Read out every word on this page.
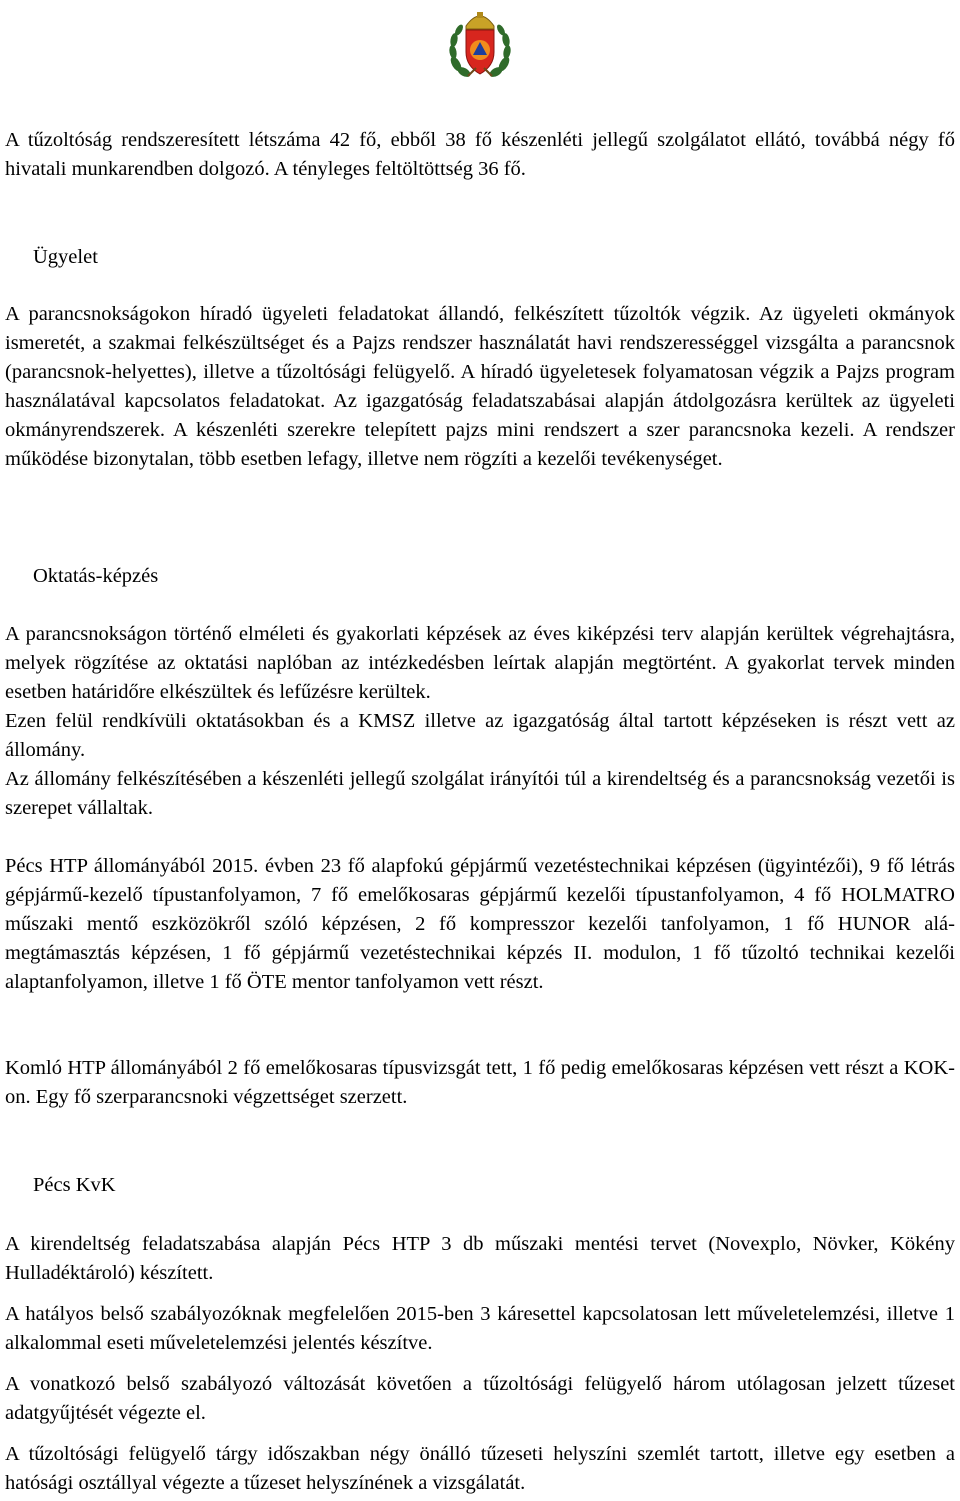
A tűzoltóság rendszeresített létszáma 42 fő, ebből 38 fő készenléti jellegű szolgálatot ellátó, továbbá négy fő hivatali munkarendben dolgozó. A tényleges feltöltöttség 36 fő.

Ügyelet

A parancsnokságokon híradó ügyeleti feladatokat állandó, felkészített tűzoltók végzik. Az ügyeleti okmányok ismeretét, a szakmai felkészültséget és a Pajzs rendszer használatát havi rendszerességgel vizsgálta a parancsnok (parancsnok-helyettes), illetve a tűzoltósági felügyelő. A híradó ügyeletesek folyamatosan végzik a Pajzs program használatával kapcsolatos feladatokat. Az igazgatóság feladatszabásai alapján átdolgozásra kerültek az ügyeleti okmányrendszerek. A készenléti szerekre telepített pajzs mini rendszert a szer parancsnoka kezeli. A rendszer működése bizonytalan, több esetben lefagy, illetve nem rögzíti a kezelői tevékenységet.

Oktatás-képzés

A parancsnokságon történő elméleti és gyakorlati képzések az éves kiképzési terv alapján kerültek végrehajtásra, melyek rögzítése az oktatási naplóban az intézkedésben leírtak alapján megtörtént. A gyakorlat tervek minden esetben határidőre elkészültek és lefűzésre kerültek.

Ezen felül rendkívüli oktatásokban és a KMSZ illetve az igazgatóság által tartott képzéseken is részt vett az állomány.

Az állomány felkészítésében a készenléti jellegű szolgálat irányítói túl a kirendeltség és a parancsnokság vezetői is szerepet vállaltak.

Pécs HTP állományából 2015. évben 23 fő alapfokú gépjármű vezetéstechnikai képzésen (ügyintézői), 9 fő létrás gépjármű-kezelő típustanfolyamon, 7 fő emelőkosaras gépjármű kezelői típustanfolyamon, 4 fő HOLMATRO műszaki mentő eszközökről szóló képzésen, 2 fő kompresszor kezelői tanfolyamon, 1 fő HUNOR alá-megtámasztás képzésen, 1 fő gépjármű vezetéstechnikai képzés II. modulon, 1 fő tűzoltó technikai kezelői alaptanfolyamon, illetve 1 fő ÖTE mentor tanfolyamon vett részt.

Komló HTP állományából 2 fő emelőkosaras típusvizsgát tett, 1 fő pedig emelőkosaras képzésen vett részt a KOK-on. Egy fő szerparancsnoki végzettséget szerzett.

Pécs KvK

A kirendeltség feladatszabása alapján Pécs HTP 3 db műszaki mentési tervet (Novexplo, Növker, Kökény Hulladéktároló) készített.

A hatályos belső szabályozóknak megfelelően 2015-ben 3 káresettel kapcsolatosan lett műveletelemzési, illetve 1 alkalommal eseti műveletelemzési jelentés készítve.

A vonatkozó belső szabályozó változását követően a tűzoltósági felügyelő három utólagosan jelzett tűzeset adatgyűjtését végezte el.

A tűzoltósági felügyelő tárgy időszakban négy önálló tűzeseti helyszíni szemlét tartott, illetve egy esetben a hatósági osztállyal végezte a tűzeset helyszínének a vizsgálatát.
